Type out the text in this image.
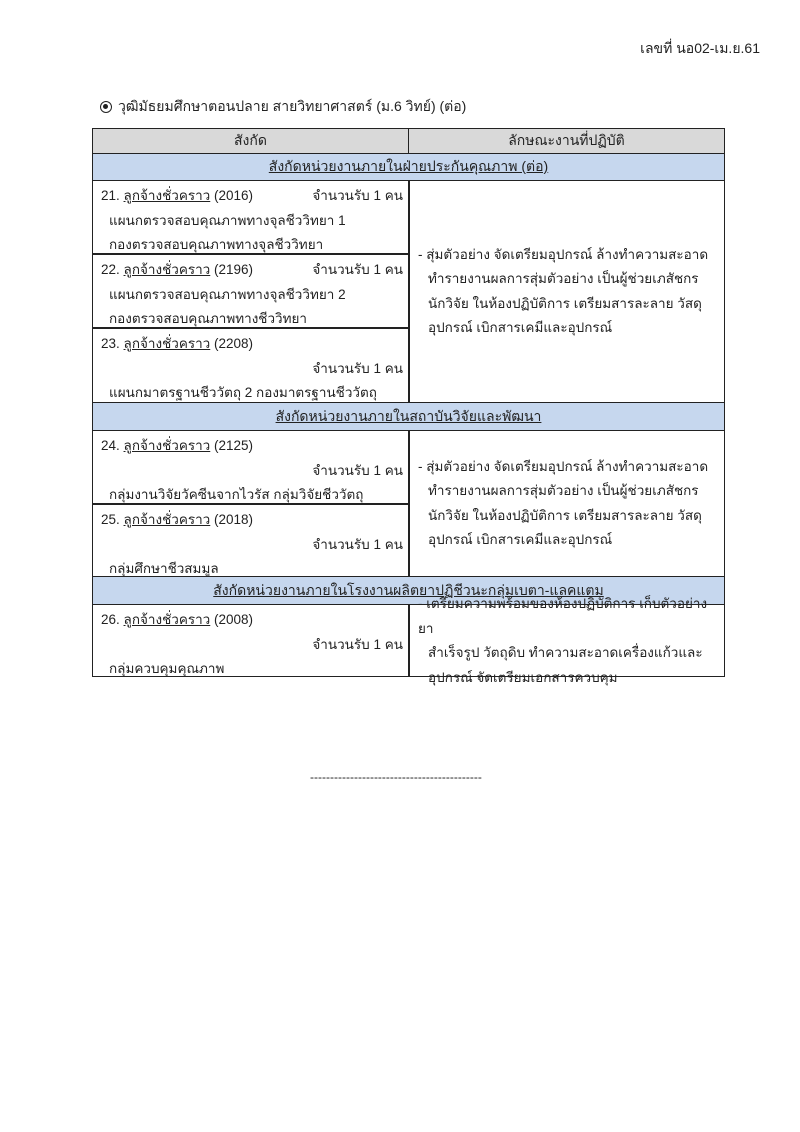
เลขที่ นอ02-เม.ย.61
วุฒิมัธยมศึกษาตอนปลาย สายวิทยาศาสตร์ (ม.6 วิทย์) (ต่อ)
สังกัด	ลักษณะงานที่ปฏิบัติ
สังกัดหน่วยงานภายในฝ่ายประกันคุณภาพ (ต่อ)
21. ลูกจ้างชั่วคราว (2016)	จำนวนรับ 1 คน
แผนกตรวจสอบคุณภาพทางจุลชีววิทยา 1
กองตรวจสอบคุณภาพทางจุลชีววิทยา
22. ลูกจ้างชั่วคราว (2196)	จำนวนรับ 1 คน
แผนกตรวจสอบคุณภาพทางจุลชีววิทยา 2
กองตรวจสอบคุณภาพทางชีววิทยา
23. ลูกจ้างชั่วคราว (2208)
จำนวนรับ 1 คน
แผนกมาตรฐานชีววัตถุ 2 กองมาตรฐานชีววัตถุ
- สุ่มตัวอย่าง จัดเตรียมอุปกรณ์ ล้างทำความสะอาด
ทำรายงานผลการสุ่มตัวอย่าง เป็นผู้ช่วยเภสัชกร
นักวิจัย ในห้องปฏิบัติการ เตรียมสารละลาย วัสดุ
อุปกรณ์ เบิกสารเคมีและอุปกรณ์
สังกัดหน่วยงานภายในสถาบันวิจัยและพัฒนา
24. ลูกจ้างชั่วคราว (2125)
จำนวนรับ 1 คน
กลุ่มงานวิจัยวัคซีนจากไวรัส กลุ่มวิจัยชีววัตถุ
25. ลูกจ้างชั่วคราว (2018)
จำนวนรับ 1 คน
กลุ่มศึกษาชีวสมมูล
- สุ่มตัวอย่าง จัดเตรียมอุปกรณ์ ล้างทำความสะอาด
ทำรายงานผลการสุ่มตัวอย่าง เป็นผู้ช่วยเภสัชกร
นักวิจัย ในห้องปฏิบัติการ เตรียมสารละลาย วัสดุ
อุปกรณ์ เบิกสารเคมีและอุปกรณ์
สังกัดหน่วยงานภายในโรงงานผลิตยาปฏิชีวนะกลุ่มเบตา-แลคแตม
26. ลูกจ้างชั่วคราว (2008)
จำนวนรับ 1 คน
กลุ่มควบคุมคุณภาพ
- เตรียมความพร้อมของห้องปฏิบัติการ เก็บตัวอย่างยา
สำเร็จรูป วัตถุดิบ ทำความสะอาดเครื่องแก้วและ
อุปกรณ์ จัดเตรียมเอกสารควบคุม
-------------------------------------------
